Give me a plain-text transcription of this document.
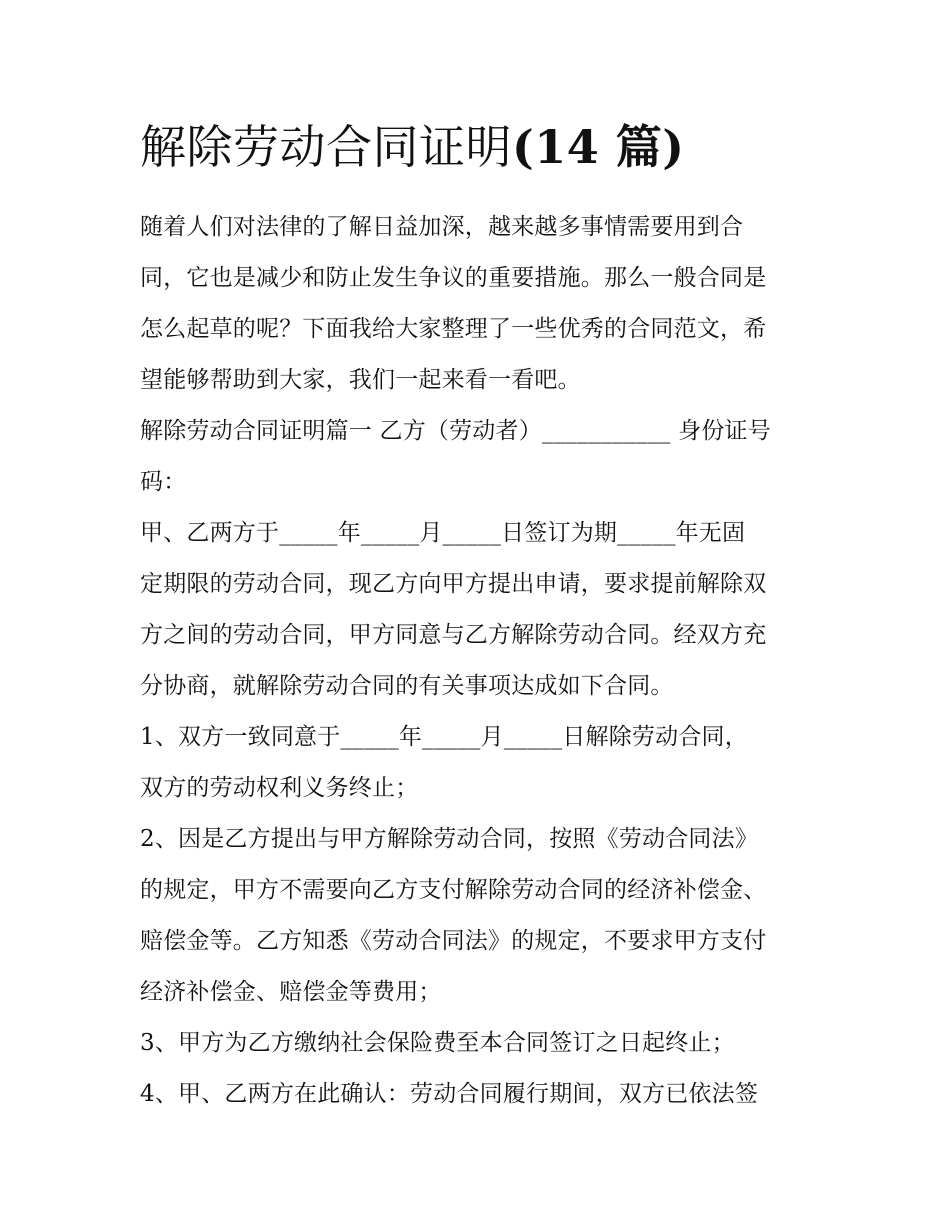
解除劳动合同证明(14 篇)
随着人们对法律的了解日益加深，越来越多事情需要用到合
同，它也是减少和防止发生争议的重要措施。那么一般合同是
怎么起草的呢？下面我给大家整理了一些优秀的合同范文，希
望能够帮助到大家，我们一起来看一看吧。
解除劳动合同证明篇一 乙方（劳动者）___________ 身份证号
码：
甲、乙两方于_____年_____月_____日签订为期_____年无固
定期限的劳动合同，现乙方向甲方提出申请，要求提前解除双
方之间的劳动合同，甲方同意与乙方解除劳动合同。经双方充
分协商，就解除劳动合同的有关事项达成如下合同。
1、双方一致同意于_____年_____月_____日解除劳动合同，
双方的劳动权利义务终止；
2、因是乙方提出与甲方解除劳动合同，按照《劳动合同法》
的规定，甲方不需要向乙方支付解除劳动合同的经济补偿金、
赔偿金等。乙方知悉《劳动合同法》的规定，不要求甲方支付
经济补偿金、赔偿金等费用；
3、甲方为乙方缴纳社会保险费至本合同签订之日起终止；
4、甲、乙两方在此确认：劳动合同履行期间，双方已依法签
